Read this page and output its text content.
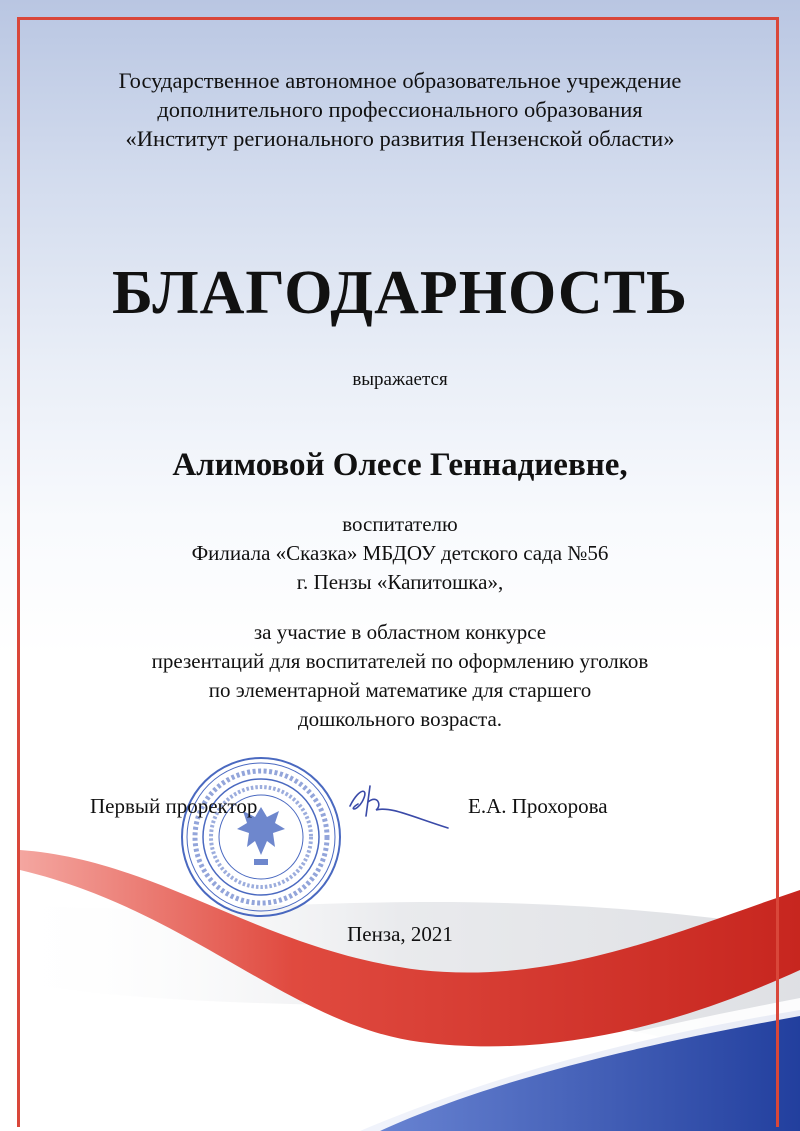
Государственное автономное образовательное учреждение
дополнительного профессионального образования
«Институт регионального развития Пензенской области»
БЛАГОДАРНОСТЬ

выражается

Алимовой Олесе Геннадиевне,

воспитателю
Филиала «Сказка» МБДОУ детского сада №56
г. Пензы «Капитошка»,
за участие в областном конкурсе
презентаций для воспитателей по оформлению уголков
по элементарной математике для старшего
дошкольного возраста.

Первый проректор	Е.А. Прохорова

Пенза, 2021
